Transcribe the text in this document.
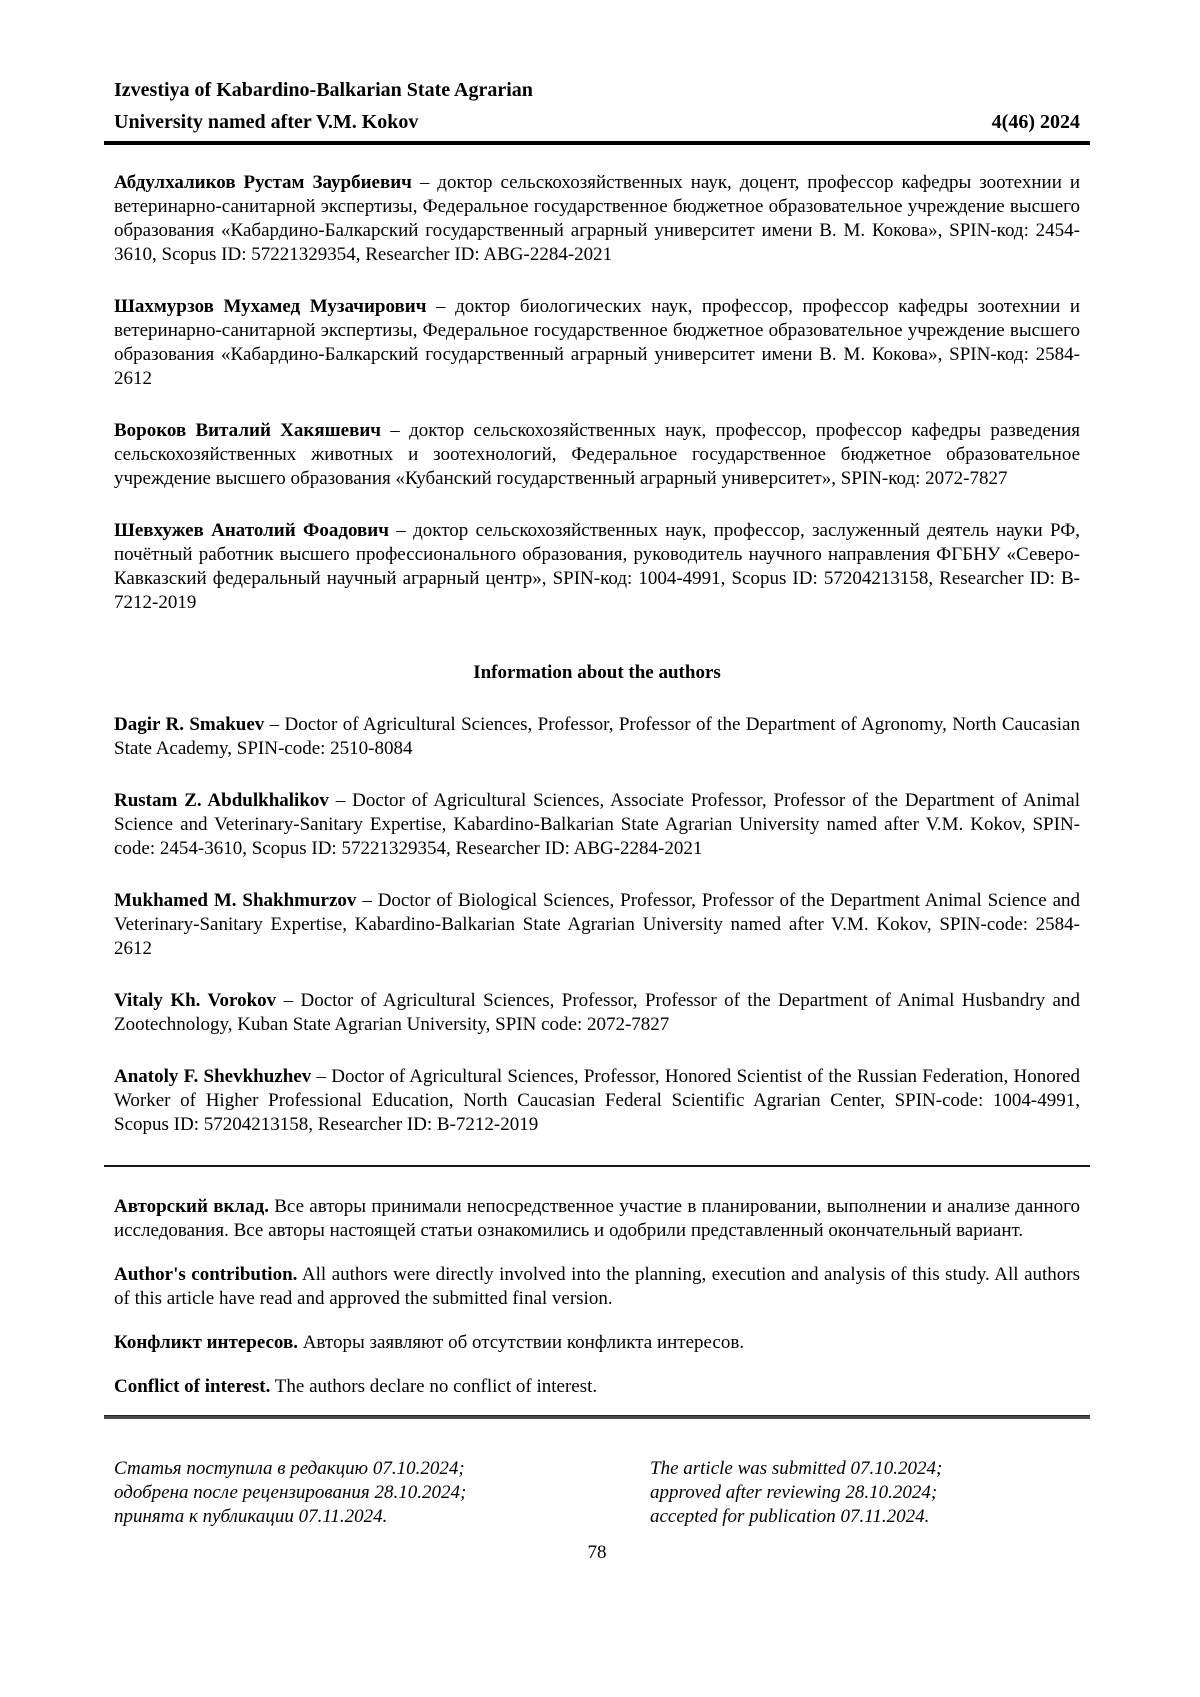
Izvestiya of Kabardino-Balkarian State Agrarian
University named after V.M. Kokov	4(46) 2024

Абдулхаликов Рустам Заурбиевич – доктор сельскохозяйственных наук, доцент, профессор кафедры зоотехнии и ветеринарно-санитарной экспертизы, Федеральное государственное бюджетное образовательное учреждение высшего образования «Кабардино-Балкарский государственный аграрный университет имени В. М. Кокова», SPIN-код: 2454-3610, Scopus ID: 57221329354, Researcher ID: ABG-2284-2021

Шахмурзов Мухамед Музачирович – доктор биологических наук, профессор, профессор кафедры зоотехнии и ветеринарно-санитарной экспертизы, Федеральное государственное бюджетное образовательное учреждение высшего образования «Кабардино-Балкарский государственный аграрный университет имени В. М. Кокова», SPIN-код: 2584-2612

Вороков Виталий Хакяшевич – доктор сельскохозяйственных наук, профессор, профессор кафедры разведения сельскохозяйственных животных и зоотехнологий, Федеральное государственное бюджетное образовательное учреждение высшего образования «Кубанский государственный аграрный университет», SPIN-код: 2072-7827

Шевхужев Анатолий Фоадович – доктор сельскохозяйственных наук, профессор, заслуженный деятель науки РФ, почётный работник высшего профессионального образования, руководитель научного направления ФГБНУ «Северо-Кавказский федеральный научный аграрный центр», SPIN-код: 1004-4991, Scopus ID: 57204213158, Researcher ID: B-7212-2019

Information about the authors

Dagir R. Smakuev – Doctor of Agricultural Sciences, Professor, Professor of the Department of Agronomy, North Caucasian State Academy, SPIN-code: 2510-8084

Rustam Z. Abdulkhalikov – Doctor of Agricultural Sciences, Associate Professor, Professor of the Department of Animal Science and Veterinary-Sanitary Expertise, Kabardino-Balkarian State Agrarian University named after V.M. Kokov, SPIN-code: 2454-3610, Scopus ID: 57221329354, Researcher ID: ABG-2284-2021

Mukhamed M. Shakhmurzov – Doctor of Biological Sciences, Professor, Professor of the Department Animal Science and Veterinary-Sanitary Expertise, Kabardino-Balkarian State Agrarian University named after V.M. Kokov, SPIN-code: 2584-2612

Vitaly Kh. Vorokov – Doctor of Agricultural Sciences, Professor, Professor of the Department of Animal Husbandry and Zootechnology, Kuban State Agrarian University, SPIN code: 2072-7827

Anatoly F. Shevkhuzhev – Doctor of Agricultural Sciences, Professor, Honored Scientist of the Russian Federation, Honored Worker of Higher Professional Education, North Caucasian Federal Scientific Agrarian Center, SPIN-code: 1004-4991, Scopus ID: 57204213158, Researcher ID: B-7212-2019

Авторский вклад. Все авторы принимали непосредственное участие в планировании, выполнении и анализе данного исследования. Все авторы настоящей статьи ознакомились и одобрили представленный окончательный вариант.

Author's contribution. All authors were directly involved into the planning, execution and analysis of this study. All authors of this article have read and approved the submitted final version.

Конфликт интересов. Авторы заявляют об отсутствии конфликта интересов.

Conflict of interest. The authors declare no conflict of interest.

Статья поступила в редакцию 07.10.2024;
одобрена после рецензирования 28.10.2024;
принята к публикации 07.11.2024.
The article was submitted 07.10.2024;
approved after reviewing 28.10.2024;
accepted for publication 07.11.2024.
78
